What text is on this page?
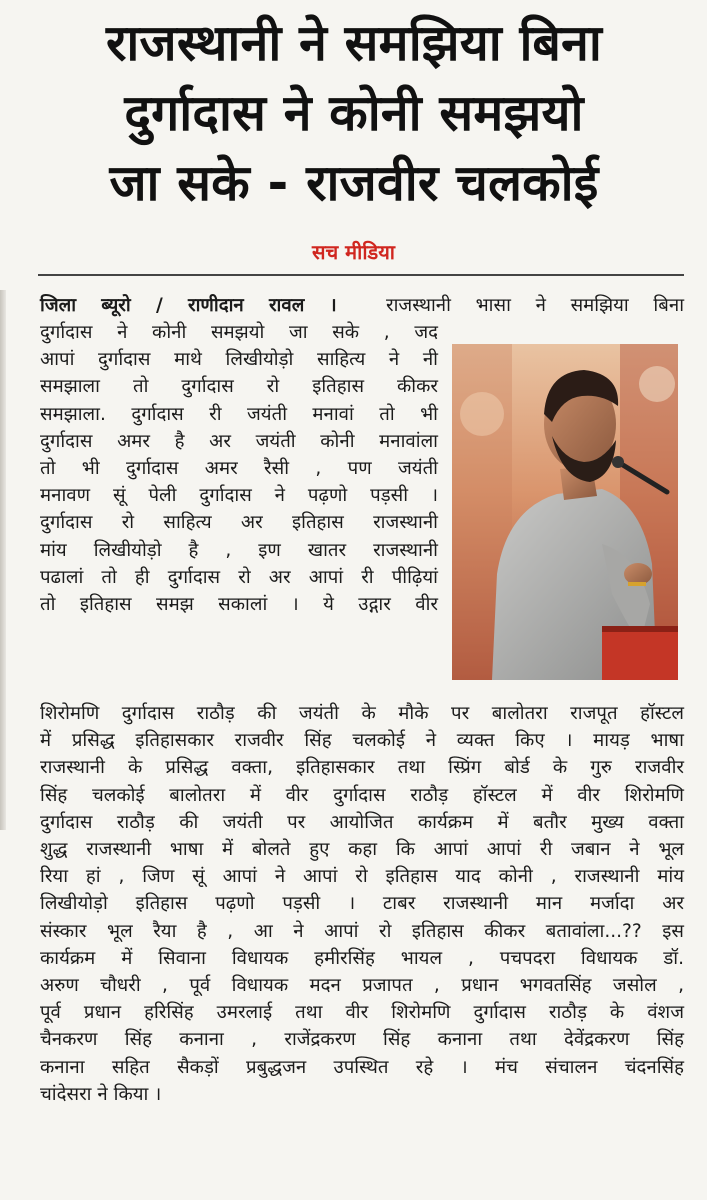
राजस्थानी ने समझिया बिना
दुर्गादास ने कोनी समझयो
जा सके - राजवीर चलकोई
सच मीडिया
जिला ब्यूरो / राणीदान रावल ।	राजस्थानी भासा ने समझिया बिना
दुर्गादास ने कोनी समझयो जा सके , जद
आपां दुर्गादास माथे लिखीयोड़ो साहित्य ने नी
समझाला तो दुर्गादास रो इतिहास कीकर
समझाला. दुर्गादास री जयंती मनावां तो भी
दुर्गादास अमर है अर जयंती कोनी मनावांला
तो भी दुर्गादास अमर रैसी , पण जयंती
मनावण सूं पेली दुर्गादास ने पढ़णो पड़सी ।
दुर्गादास रो साहित्य अर इतिहास राजस्थानी
मांय लिखीयोड़ो है , इण खातर राजस्थानी
पढालां तो ही दुर्गादास रो अर आपां री पीढ़ियां
तो इतिहास समझ सकालां । ये उद्गार वीर
शिरोमणि दुर्गादास राठौड़ की जयंती के मौके पर बालोतरा राजपूत हॉस्टल
में प्रसिद्ध इतिहासकार राजवीर सिंह चलकोई ने व्यक्त किए । मायड़ भाषा
राजस्थानी के प्रसिद्ध वक्ता, इतिहासकार तथा स्प्रिंग बोर्ड के गुरु राजवीर
सिंह चलकोई बालोतरा में वीर दुर्गादास राठौड़ हॉस्टल में वीर शिरोमणि
दुर्गादास राठौड़ की जयंती पर आयोजित कार्यक्रम में बतौर मुख्य वक्ता
शुद्ध राजस्थानी भाषा में बोलते हुए कहा कि आपां आपां री जबान ने भूल
रिया हां , जिण सूं आपां ने आपां रो इतिहास याद कोनी , राजस्थानी मांय
लिखीयोड़ो इतिहास पढ़णो पड़सी । टाबर राजस्थानी मान मर्जादा अर
संस्कार भूल रैया है , आ ने आपां रो इतिहास कीकर बतावांला...?? इस
कार्यक्रम में सिवाना विधायक हमीरसिंह भायल , पचपदरा विधायक डॉ.
अरुण चौधरी , पूर्व विधायक मदन प्रजापत , प्रधान भगवतसिंह जसोल ,
पूर्व प्रधान हरिसिंह उमरलाई तथा वीर शिरोमणि दुर्गादास राठौड़ के वंशज
चैनकरण सिंह कनाना , राजेंद्रकरण सिंह कनाना तथा देवेंद्रकरण सिंह
कनाना सहित सैकड़ों प्रबुद्धजन उपस्थित रहे । मंच संचालन चंदनसिंह
चांदेसरा ने किया ।
